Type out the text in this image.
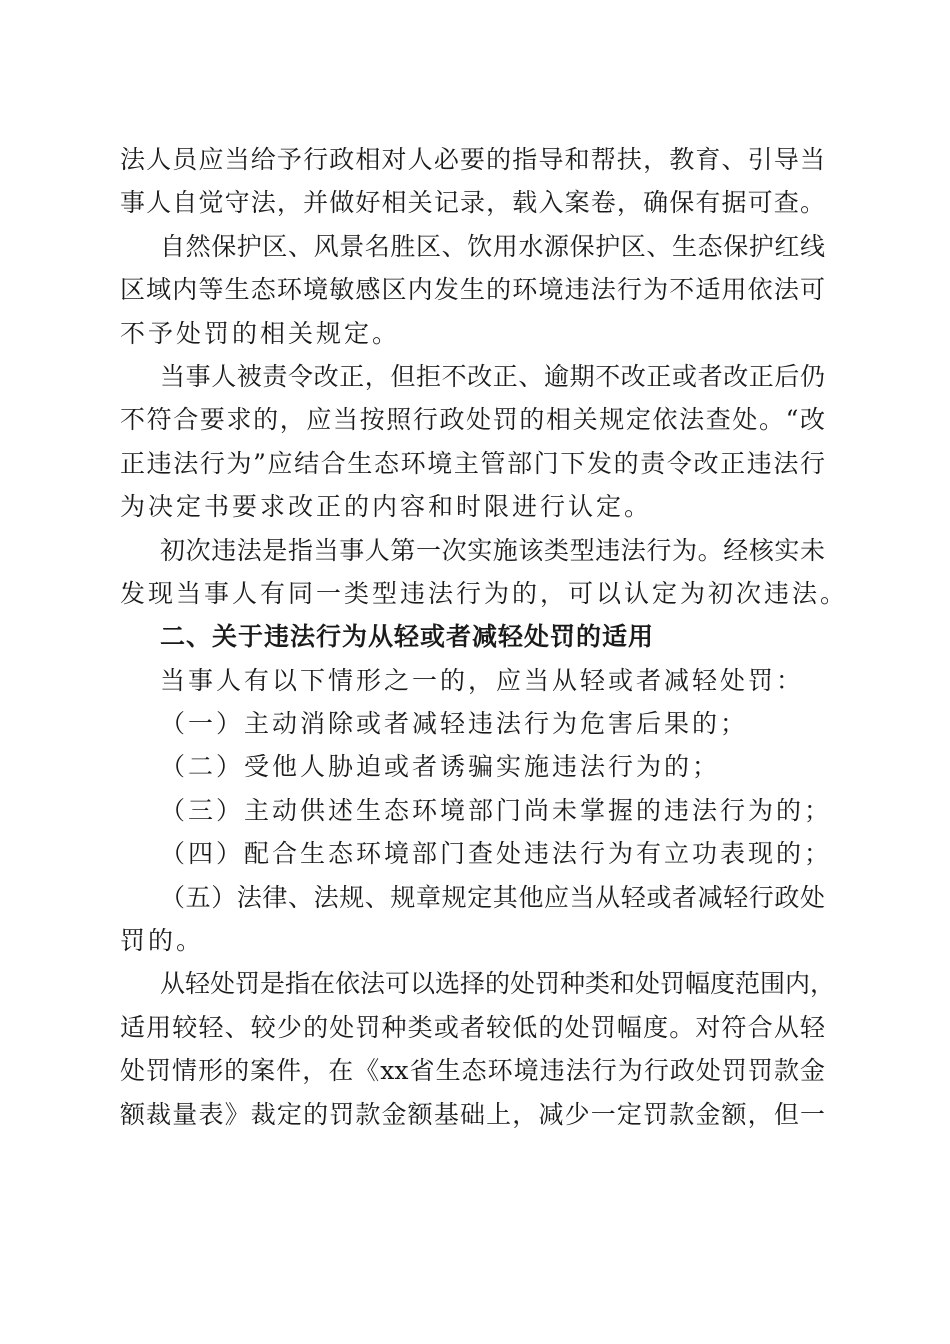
法人员应当给予行政相对人必要的指导和帮扶，教育、引导当
事人自觉守法，并做好相关记录，载入案卷，确保有据可查。
自然保护区、风景名胜区、饮用水源保护区、生态保护红线
区域内等生态环境敏感区内发生的环境违法行为不适用依法可
不予处罚的相关规定。
当事人被责令改正，但拒不改正、逾期不改正或者改正后仍
不符合要求的，应当按照行政处罚的相关规定依法查处。“改
正违法行为”应结合生态环境主管部门下发的责令改正违法行
为决定书要求改正的内容和时限进行认定。
初次违法是指当事人第一次实施该类型违法行为。经核实未
发现当事人有同一类型违法行为的，可以认定为初次违法。
二、关于违法行为从轻或者减轻处罚的适用
当事人有以下情形之一的，应当从轻或者减轻处罚：
（一）主动消除或者减轻违法行为危害后果的；
（二）受他人胁迫或者诱骗实施违法行为的；
（三）主动供述生态环境部门尚未掌握的违法行为的；
（四）配合生态环境部门查处违法行为有立功表现的；
（五）法律、法规、规章规定其他应当从轻或者减轻行政处
罚的。
从轻处罚是指在依法可以选择的处罚种类和处罚幅度范围内，
适用较轻、较少的处罚种类或者较低的处罚幅度。对符合从轻
处罚情形的案件，在《xx省生态环境违法行为行政处罚罚款金
额裁量表》裁定的罚款金额基础上，减少一定罚款金额，但一
